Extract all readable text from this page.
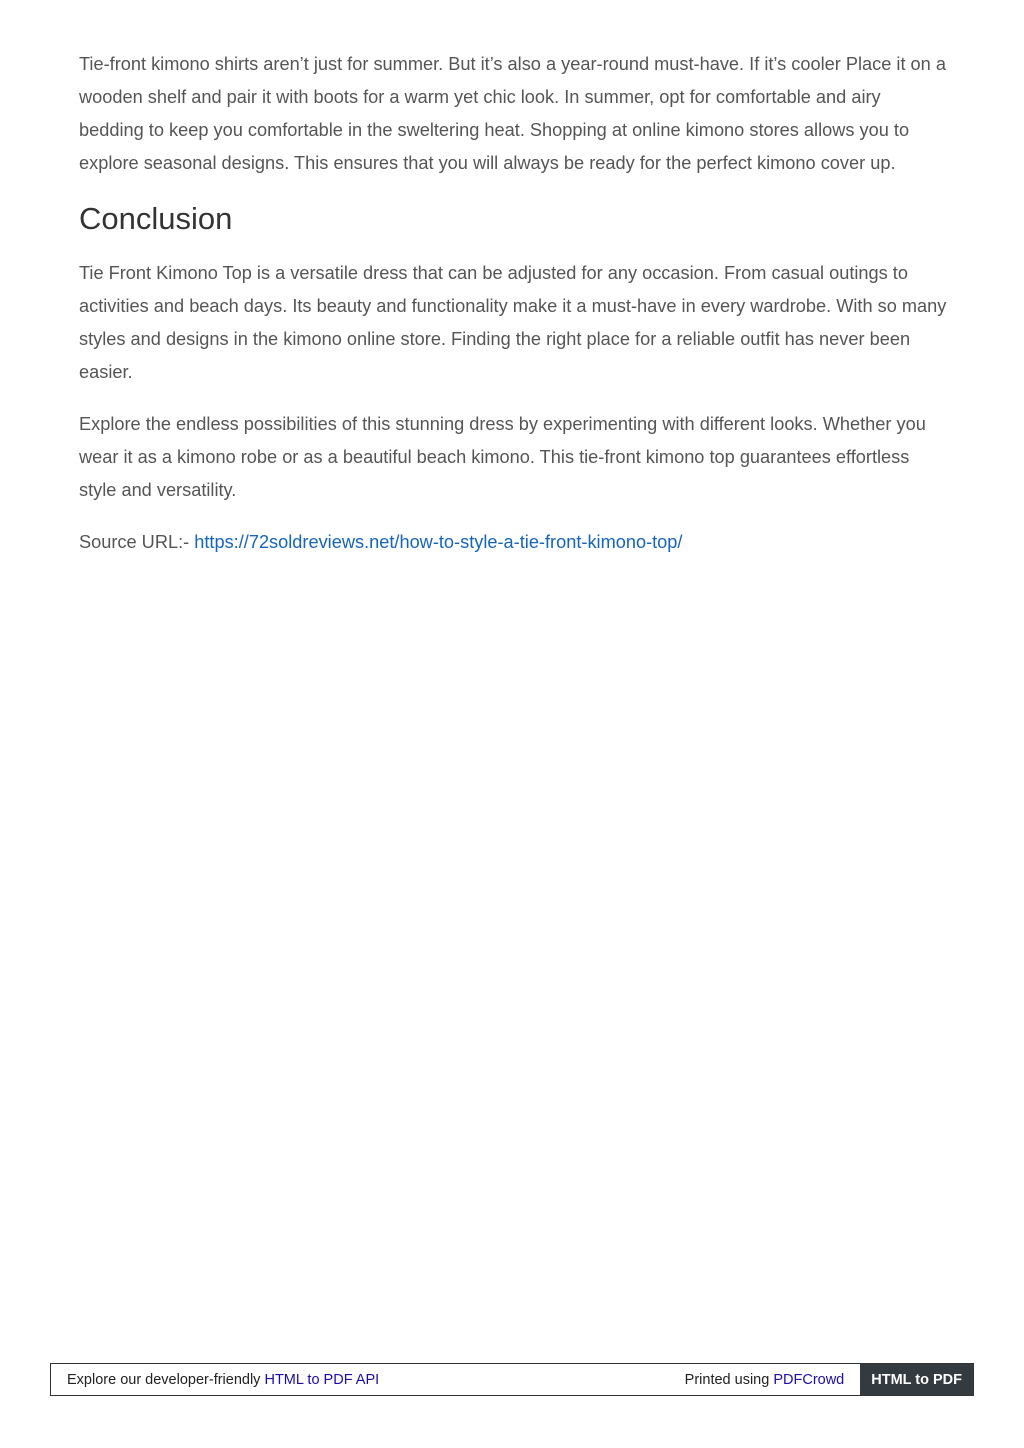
Tie-front kimono shirts aren’t just for summer. But it’s also a year-round must-have. If it’s cooler Place it on a wooden shelf and pair it with boots for a warm yet chic look. In summer, opt for comfortable and airy bedding to keep you comfortable in the sweltering heat. Shopping at online kimono stores allows you to explore seasonal designs. This ensures that you will always be ready for the perfect kimono cover up.

Conclusion

Tie Front Kimono Top is a versatile dress that can be adjusted for any occasion. From casual outings to activities and beach days. Its beauty and functionality make it a must-have in every wardrobe. With so many styles and designs in the kimono online store. Finding the right place for a reliable outfit has never been easier.

Explore the endless possibilities of this stunning dress by experimenting with different looks. Whether you wear it as a kimono robe or as a beautiful beach kimono. This tie-front kimono top guarantees effortless style and versatility.

Source URL:- https://72soldreviews.net/how-to-style-a-tie-front-kimono-top/

Explore our developer-friendly HTML to PDF API	Printed using PDFCrowd	HTML to PDF
